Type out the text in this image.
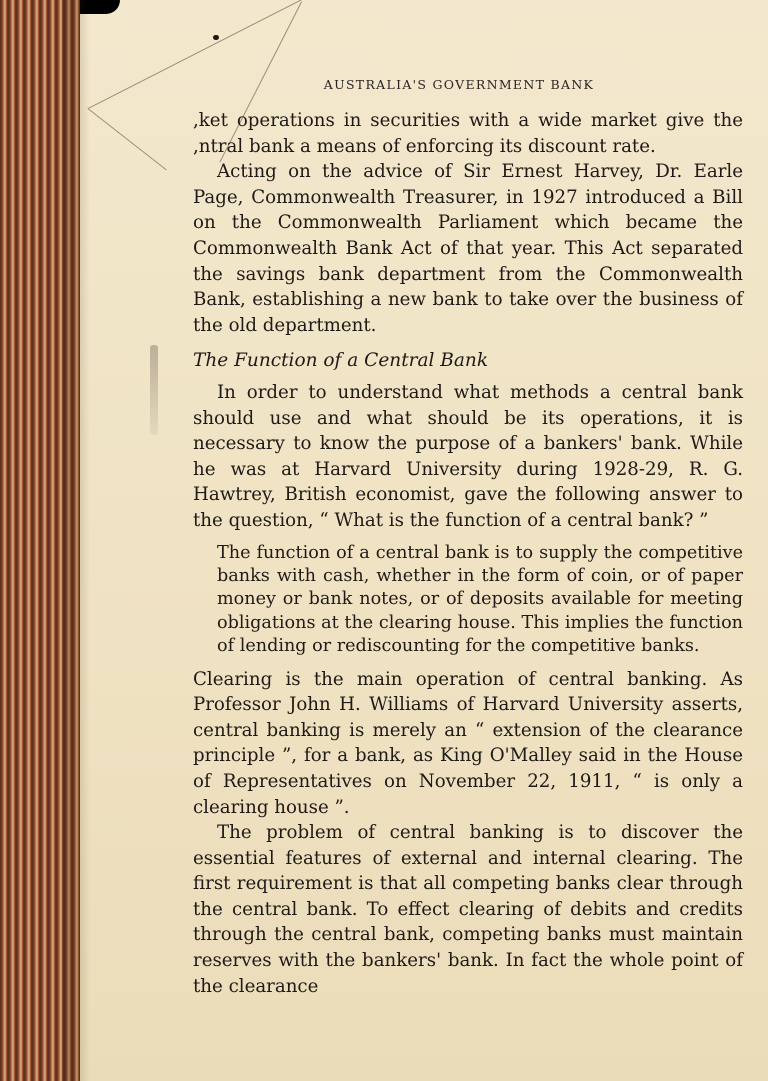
AUSTRALIA'S GOVERNMENT BANK

,ket operations in securities with a wide market give the ,ntral bank a means of enforcing its discount rate.

Acting on the advice of Sir Ernest Harvey, Dr. Earle Page, Commonwealth Treasurer, in 1927 introduced a Bill on the Commonwealth Parliament which became the Commonwealth Bank Act of that year. This Act separated the savings bank department from the Commonwealth Bank, establishing a new bank to take over the business of the old department.

The Function of a Central Bank

In order to understand what methods a central bank should use and what should be its operations, it is necessary to know the purpose of a bankers' bank. While he was at Harvard University during 1928-29, R. G. Hawtrey, British economist, gave the following answer to the question, “ What is the function of a central bank? ”

The function of a central bank is to supply the competitive banks with cash, whether in the form of coin, or of paper money or bank notes, or of deposits available for meeting obligations at the clearing house. This implies the function of lending or rediscounting for the competitive banks.

Clearing is the main operation of central banking. As Professor John H. Williams of Harvard University asserts, central banking is merely an “ extension of the clearance principle ”, for a bank, as King O'Malley said in the House of Representatives on November 22, 1911, “ is only a clearing house ”.

The problem of central banking is to discover the essential features of external and internal clearing. The first requirement is that all competing banks clear through the central bank. To effect clearing of debits and credits through the central bank, competing banks must maintain reserves with the bankers' bank. In fact the whole point of the clearance
